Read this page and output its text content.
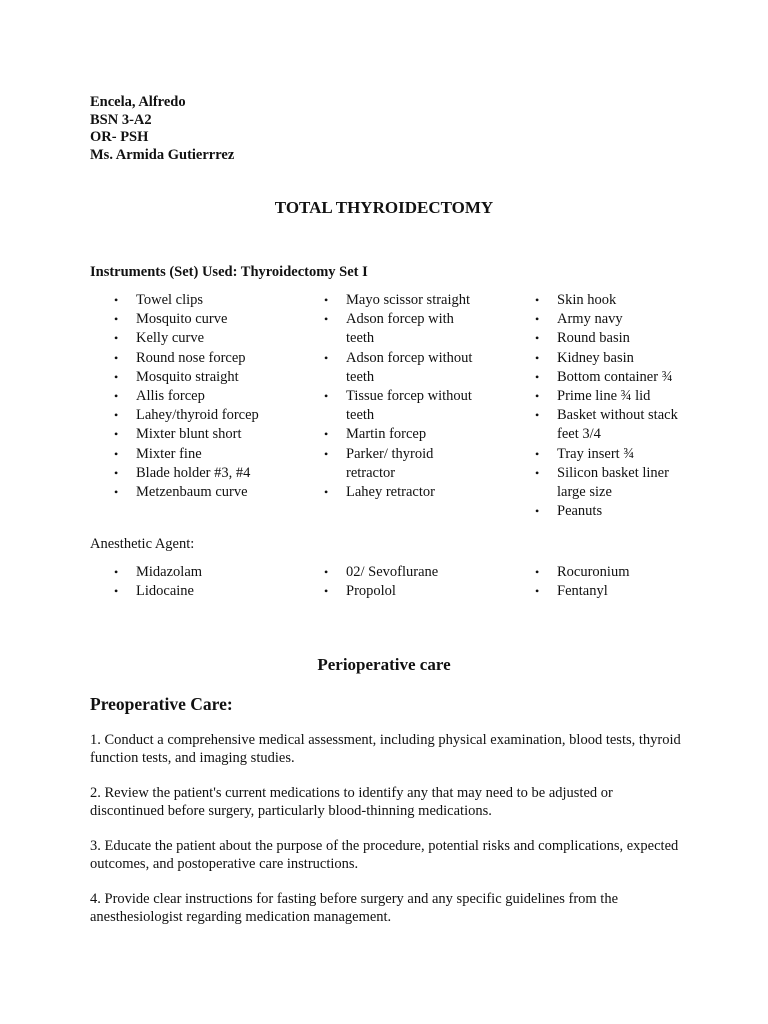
Encela, Alfredo
BSN 3-A2
OR- PSH
Ms. Armida Gutierrrez
TOTAL THYROIDECTOMY
Instruments (Set) Used: Thyroidectomy Set I
•	Towel clips
•	Mosquito curve
•	Kelly curve
•	Round nose forcep
•	Mosquito straight
•	Allis forcep
•	Lahey/thyroid forcep
•	Mixter blunt short
•	Mixter fine
•	Blade holder #3, #4
•	Metzenbaum curve
•	Mayo scissor straight
•	Adson forcep with teeth
•	Adson forcep without teeth
•	Tissue forcep without teeth
•	Martin forcep
•	Parker/ thyroid retractor
•	Lahey retractor
•	Skin hook
•	Army navy
•	Round basin
•	Kidney basin
•	Bottom container ¾
•	Prime line ¾ lid
•	Basket without stack feet 3/4
•	Tray insert ¾
•	Silicon basket liner large size
•	Peanuts
Anesthetic Agent:
•	Midazolam
•	Lidocaine
•	02/ Sevoflurane
•	Propolol
•	Rocuronium
•	Fentanyl
Perioperative care
Preoperative Care:
1. Conduct a comprehensive medical assessment, including physical examination, blood tests, thyroid function tests, and imaging studies.
2. Review the patient's current medications to identify any that may need to be adjusted or discontinued before surgery, particularly blood-thinning medications.
3. Educate the patient about the purpose of the procedure, potential risks and complications, expected outcomes, and postoperative care instructions.
4. Provide clear instructions for fasting before surgery and any specific guidelines from the anesthesiologist regarding medication management.
